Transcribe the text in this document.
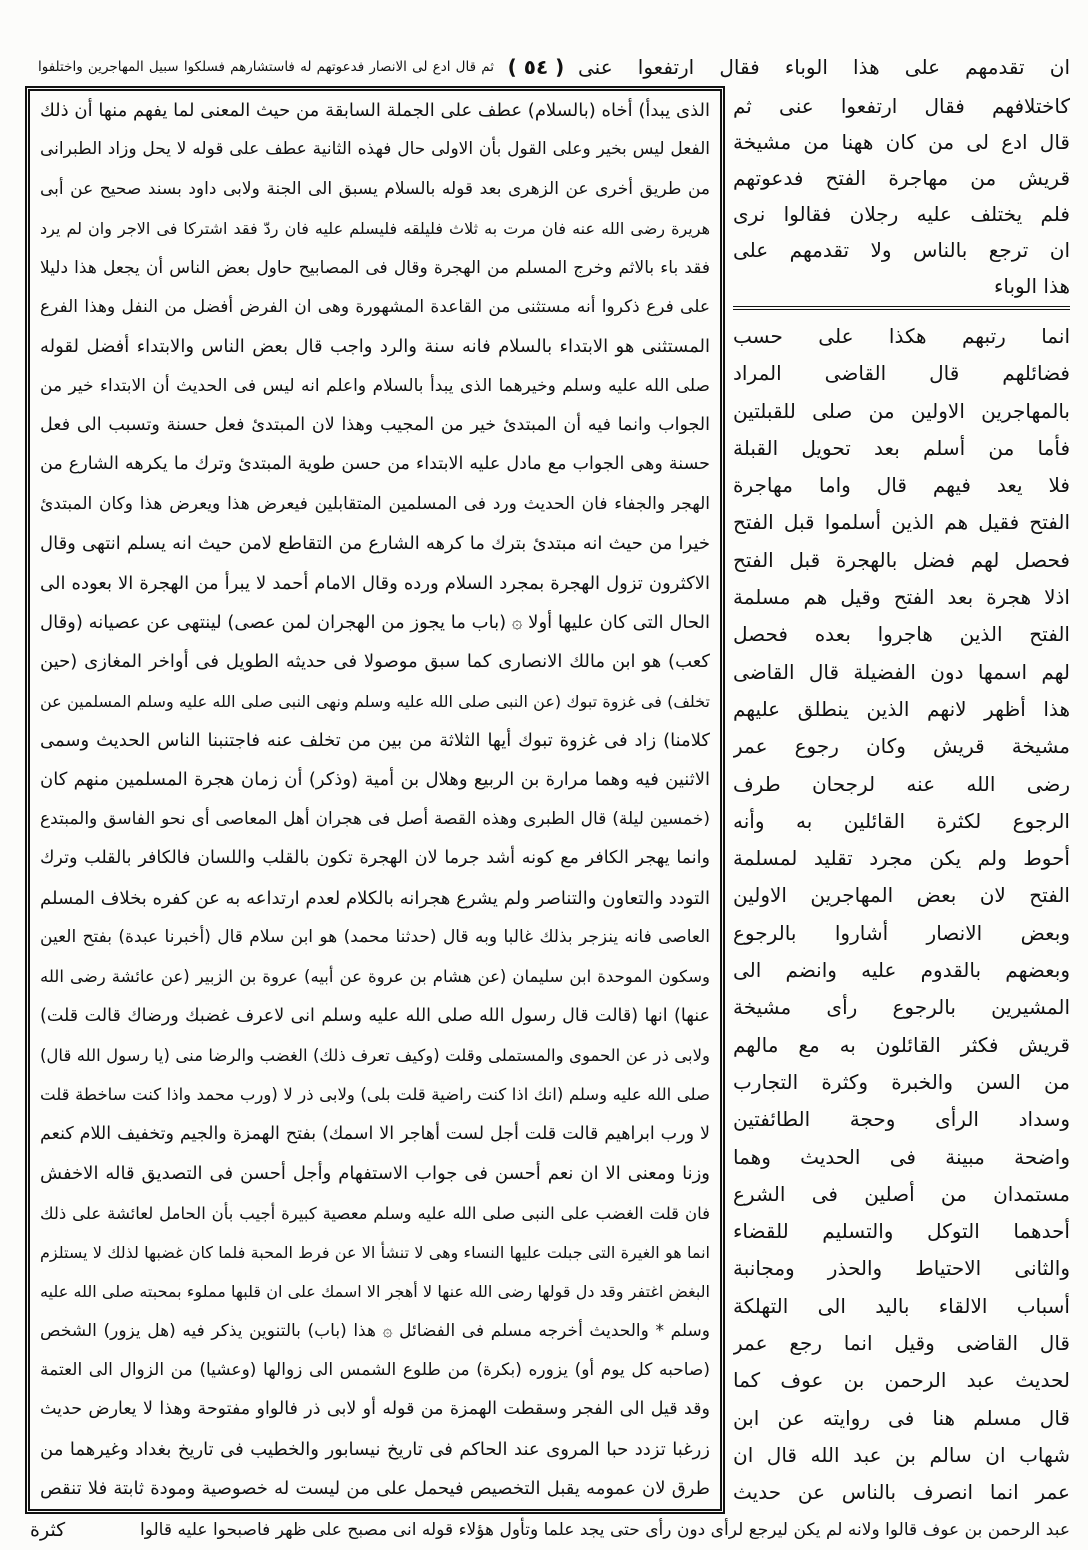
ان تقدمهم على هذا الوباء فقال ارتفعوا عنى
( ٥٤ )
ثم قال ادع لى الانصار فدعوتهم له فاستشارهم فسلكوا سبيل المهاجرين واختلفوا
الذى يبدأ) أخاه (بالسلام) عطف على الجملة السابقة من حيث المعنى لما يفهم منها أن ذلك
الفعل ليس بخير وعلى القول بأن الاولى حال فهذه الثانية عطف على قوله لا يحل وزاد الطبرانى
من طريق أخرى عن الزهرى بعد قوله بالسلام يسبق الى الجنة ولابى داود بسند صحيح عن أبى
هريرة رضى الله عنه فان مرت به ثلاث فليلقه فليسلم عليه فان ردّ فقد اشتركا فى الاجر وان لم يرد
فقد باء بالاثم وخرج المسلم من الهجرة وقال فى المصابيح حاول بعض الناس أن يجعل هذا دليلا
على فرع ذكروا أنه مستثنى من القاعدة المشهورة وهى ان الفرض أفضل من النفل وهذا الفرع
المستثنى هو الابتداء بالسلام فانه سنة والرد واجب قال بعض الناس والابتداء أفضل لقوله
صلى الله عليه وسلم وخيرهما الذى يبدأ بالسلام واعلم انه ليس فى الحديث أن الابتداء خير من
الجواب وانما فيه أن المبتدئ خير من المجيب وهذا لان المبتدئ فعل حسنة وتسبب الى فعل
حسنة وهى الجواب مع مادل عليه الابتداء من حسن طوية المبتدئ وترك ما يكرهه الشارع من
الهجر والجفاء فان الحديث ورد فى المسلمين المتقابلين فيعرض هذا ويعرض هذا وكان المبتدئ
خيرا من حيث انه مبتدئ بترك ما كرهه الشارع من التقاطع لامن حيث انه يسلم انتهى وقال
الاكثرون تزول الهجرة بمجرد السلام ورده وقال الامام أحمد لا يبرأ من الهجرة الا بعوده الى
الحال التى كان عليها أولا ۞ (باب ما يجوز من الهجران لمن عصى) لينتهى عن عصيانه (وقال
كعب) هو ابن مالك الانصارى كما سبق موصولا فى حديثه الطويل فى أواخر المغازى (حين
تخلف) فى غزوة تبوك (عن النبى صلى الله عليه وسلم ونهى النبى صلى الله عليه وسلم المسلمين عن
كلامنا) زاد فى غزوة تبوك أيها الثلاثة من بين من تخلف عنه فاجتنبنا الناس الحديث وسمى
الاثنين فيه وهما مرارة بن الربيع وهلال بن أمية (وذكر) أن زمان هجرة المسلمين منهم كان
(خمسين ليلة) قال الطبرى وهذه القصة أصل فى هجران أهل المعاصى أى نحو الفاسق والمبتدع
وانما يهجر الكافر مع كونه أشد جرما لان الهجرة تكون بالقلب واللسان فالكافر بالقلب وترك
التودد والتعاون والتناصر ولم يشرع هجرانه بالكلام لعدم ارتداعه به عن كفره بخلاف المسلم
العاصى فانه ينزجر بذلك غالبا وبه قال (حدثنا محمد) هو ابن سلام قال (أخبرنا عبدة) بفتح العين
وسكون الموحدة ابن سليمان (عن هشام بن عروة عن أبيه) عروة بن الزبير (عن عائشة رضى الله
عنها) انها (قالت قال رسول الله صلى الله عليه وسلم انى لاعرف غضبك ورضاك قالت قلت)
ولابى ذر عن الحموى والمستملى وقلت (وكيف تعرف ذلك) الغضب والرضا منى (يا رسول الله قال)
صلى الله عليه وسلم (انك اذا كنت راضية قلت بلى) ولابى ذر لا (ورب محمد واذا كنت ساخطة قلت
لا ورب ابراهيم قالت قلت أجل لست أهاجر الا اسمك) بفتح الهمزة والجيم وتخفيف اللام كنعم
وزنا ومعنى الا ان نعم أحسن فى جواب الاستفهام وأجل أحسن فى التصديق قاله الاخفش
فان قلت الغضب على النبى صلى الله عليه وسلم معصية كبيرة أجيب بأن الحامل لعائشة على ذلك
انما هو الغيرة التى جبلت عليها النساء وهى لا تنشأ الا عن فرط المحبة فلما كان غضبها لذلك لا يستلزم
البغض اغتفر وقد دل قولها رضى الله عنها لا أهجر الا اسمك على ان قلبها مملوء بمحبته صلى الله عليه
وسلم * والحديث أخرجه مسلم فى الفضائل ۞ هذا (باب) بالتنوين يذكر فيه (هل يزور) الشخص
(صاحبه كل يوم أو) يزوره (بكرة) من طلوع الشمس الى زوالها (وعشيا) من الزوال الى العتمة
وقد قيل الى الفجر وسقطت الهمزة من قوله أو لابى ذر فالواو مفتوحة وهذا لا يعارض حديث
زرغبا تزدد حبا المروى عند الحاكم فى تاريخ نيسابور والخطيب فى تاريخ بغداد وغيرهما من
طرق لان عمومه يقبل التخصيص فيحمل على من ليست له خصوصية ومودة ثابتة فلا تنقص
كاختلافهم فقال ارتفعوا عنى ثم
قال ادع لى من كان ههنا من مشيخة
قريش من مهاجرة الفتح فدعوتهم
فلم يختلف عليه رجلان فقالوا نرى
ان ترجع بالناس ولا تقدمهم على
هذا الوباء
انما رتبهم هكذا على حسب
فضائلهم قال القاضى المراد
بالمهاجرين الاولين من صلى للقبلتين
فأما من أسلم بعد تحويل القبلة
فلا يعد فيهم قال واما مهاجرة
الفتح فقيل هم الذين أسلموا قبل الفتح
فحصل لهم فضل بالهجرة قبل الفتح
اذلا هجرة بعد الفتح وقيل هم مسلمة
الفتح الذين هاجروا بعده فحصل
لهم اسمها دون الفضيلة قال القاضى
هذا أظهر لانهم الذين ينطلق عليهم
مشيخة قريش وكان رجوع عمر
رضى الله عنه لرجحان طرف
الرجوع لكثرة القائلين به وأنه
أحوط ولم يكن مجرد تقليد لمسلمة
الفتح لان بعض المهاجرين الاولين
وبعض الانصار أشاروا بالرجوع
وبعضهم بالقدوم عليه وانضم الى
المشيرين بالرجوع رأى مشيخة
قريش فكثر القائلون به مع مالهم
من السن والخبرة وكثرة التجارب
وسداد الرأى وحجة الطائفتين
واضحة مبينة فى الحديث وهما
مستمدان من أصلين فى الشرع
أحدهما التوكل والتسليم للقضاء
والثانى الاحتياط والحذر ومجانبة
أسباب الالقاء باليد الى التهلكة
قال القاضى وقيل انما رجع عمر
لحديث عبد الرحمن بن عوف كما
قال مسلم هنا فى روايته عن ابن
شهاب ان سالم بن عبد الله قال ان
عمر انما انصرف بالناس عن حديث
عبد الرحمن بن عوف قالوا ولانه لم يكن ليرجع لرأى دون رأى حتى يجد علما وتأول هؤلاء قوله انى مصبح على ظهر فاصبحوا عليه قالوا
كثرة
